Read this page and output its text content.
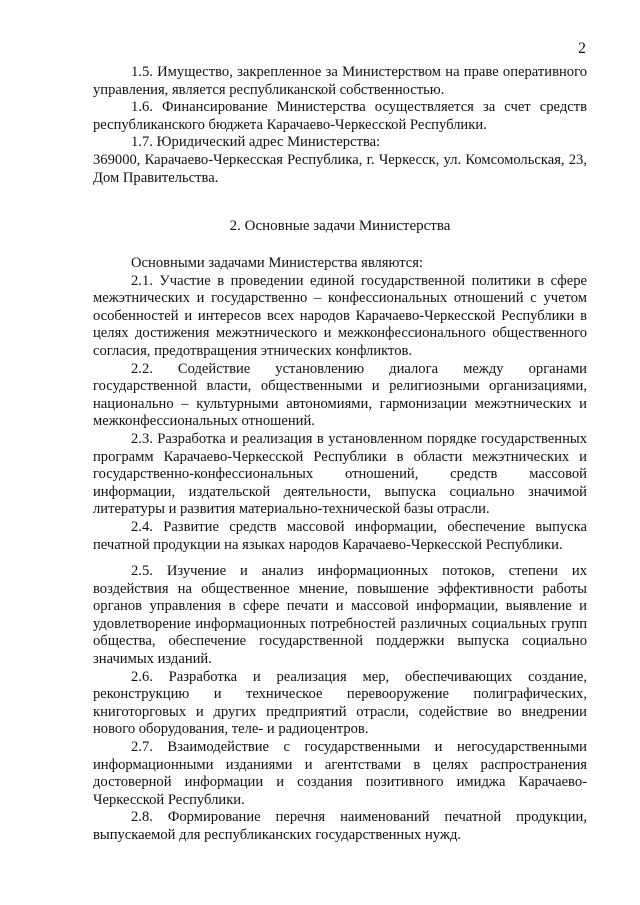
2

1.5. Имущество, закрепленное за Министерством на праве оперативного управления, является республиканской собственностью.

1.6. Финансирование Министерства осуществляется за счет средств республиканского бюджета Карачаево-Черкесской Республики.

1.7. Юридический адрес Министерства:

369000, Карачаево-Черкесская Республика, г. Черкесск, ул. Комсомольская, 23, Дом Правительства.

2. Основные задачи Министерства

Основными задачами Министерства являются:

2.1. Участие в проведении единой государственной политики в сфере межэтнических и государственно – конфессиональных отношений с учетом особенностей и интересов всех народов Карачаево-Черкесской Республики в целях достижения межэтнического и межконфессионального общественного согласия, предотвращения этнических конфликтов.

2.2. Содействие установлению диалога между органами государственной власти, общественными и религиозными организациями, национально – культурными автономиями, гармонизации межэтнических и межконфессиональных отношений.

2.3. Разработка и реализация в установленном порядке государственных программ Карачаево-Черкесской Республики в области межэтнических и государственно-конфессиональных отношений, средств массовой информации, издательской деятельности, выпуска социально значимой литературы и развития материально-технической базы отрасли.

2.4. Развитие средств массовой информации, обеспечение выпуска печатной продукции на языках народов Карачаево-Черкесской Республики.

2.5. Изучение и анализ информационных потоков, степени их воздействия на общественное мнение, повышение эффективности работы органов управления в сфере печати и массовой информации, выявление и удовлетворение информационных потребностей различных социальных групп общества, обеспечение государственной поддержки выпуска социально значимых изданий.

2.6. Разработка и реализация мер, обеспечивающих создание, реконструкцию и техническое перевооружение полиграфических, книготорговых и других предприятий отрасли, содействие во внедрении нового оборудования, теле- и радиоцентров.

2.7. Взаимодействие с государственными и негосударственными информационными изданиями и агентствами в целях распространения достоверной информации и создания позитивного имиджа Карачаево-Черкесской Республики.

2.8. Формирование перечня наименований печатной продукции, выпускаемой для республиканских государственных нужд.
